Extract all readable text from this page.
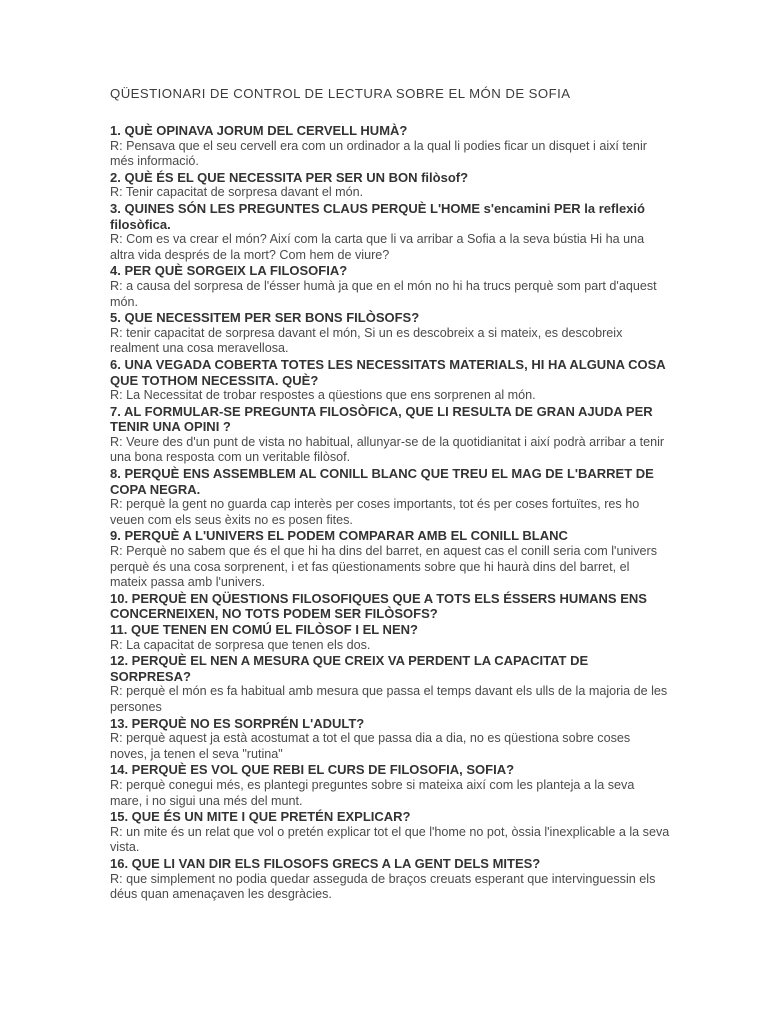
QÜESTIONARI DE CONTROL DE LECTURA SOBRE EL MÓN DE SOFIA
1. QUÈ OPINAVA JORUM DEL CERVELL HUMÀ?
R: Pensava que el seu cervell era com un ordinador a la qual li podies ficar un disquet i així tenir més informació.
2. QUÈ ÉS EL QUE NECESSITA PER SER UN BON filòsof?
R: Tenir capacitat de sorpresa davant el món.
3. QUINES SÓN LES PREGUNTES CLAUS PERQUÈ L'HOME s'encamini PER la reflexió filosòfica.
R: Com es va crear el món? Així com la carta que li va arribar a Sofia a la seva bústia Hi ha una altra vida després de la mort? Com hem de viure?
4. PER QUÈ SORGEIX LA FILOSOFIA?
R: a causa del sorpresa de l'ésser humà ja que en el món no hi ha trucs perquè som part d'aquest món.
5. QUE NECESSITEM PER SER BONS FILÒSOFS?
R: tenir capacitat de sorpresa davant el món, Si un es descobreix a si mateix, es descobreix realment una cosa meravellosa.
6. UNA VEGADA COBERTA TOTES LES NECESSITATS MATERIALS, HI HA ALGUNA COSA QUE TOTHOM NECESSITA. QUÈ?
R: La Necessitat de trobar respostes a qüestions que ens sorprenen al món.
7. AL FORMULAR-SE PREGUNTA FILOSÒFICA, QUE LI RESULTA DE GRAN AJUDA PER TENIR UNA OPINI ?
R: Veure des d'un punt de vista no habitual, allunyar-se de la quotidianitat i així podrà arribar a tenir una bona resposta com un veritable filòsof.
8. PERQUÈ ENS ASSEMBLEM AL CONILL BLANC QUE TREU EL MAG DE L'BARRET DE COPA NEGRA.
R: perquè la gent no guarda cap interès per coses importants, tot és per coses fortuïtes, res ho veuen com els seus èxits no es posen fites.
9. PERQUÈ A L'UNIVERS EL PODEM COMPARAR AMB EL CONILL BLANC
R: Perquè no sabem que és el que hi ha dins del barret, en aquest cas el conill seria com l'univers perquè és una cosa sorprenent, i et fas qüestionaments sobre que hi haurà dins del barret, el mateix passa amb l'univers.
10. PERQUÈ EN QÜESTIONS FILOSOFIQUES QUE A TOTS ELS ÉSSERS HUMANS ENS CONCERNEIXEN, NO TOTS PODEM SER FILÒSOFS?
11. QUE TENEN EN COMÚ EL FILÒSOF I EL NEN?
R: La capacitat de sorpresa que tenen els dos.
12. PERQUÈ EL NEN A MESURA QUE CREIX VA PERDENT LA CAPACITAT DE SORPRESA?
R: perquè el món es fa habitual amb mesura que passa el temps davant els ulls de la majoria de les persones
13. PERQUÈ NO ES SORPRÉN L'ADULT?
R: perquè aquest ja està acostumat a tot el que passa dia a dia, no es qüestiona sobre coses noves, ja tenen el seva "rutina"
14. PERQUÈ ES VOL QUE REBI EL CURS DE FILOSOFIA, SOFIA?
R: perquè conegui més, es plantegi preguntes sobre si mateixa així com les planteja a la seva mare, i no sigui una més del munt.
15. QUE ÉS UN MITE I QUE PRETÉN EXPLICAR?
R: un mite és un relat que vol o pretén explicar tot el que l'home no pot, òssia l'inexplicable a la seva vista.
16. QUE LI VAN DIR ELS FILOSOFS GRECS A LA GENT DELS MITES?
R: que simplement no podia quedar asseguda de braços creuats esperant que intervinguessin els déus quan amenaçaven les desgràcies.
